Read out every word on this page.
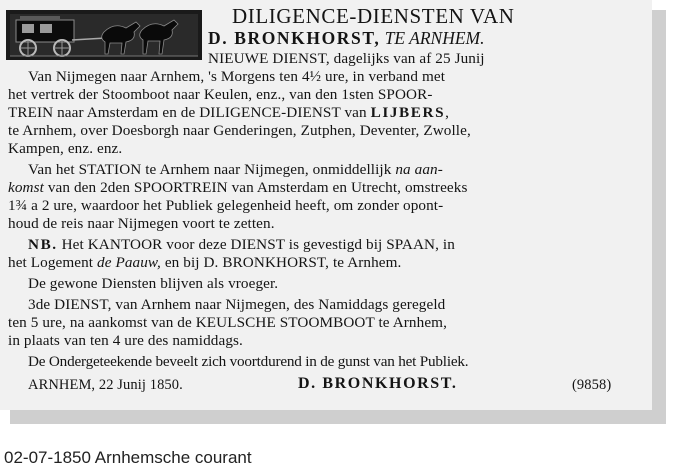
DILIGENCE-DIENSTEN VAN
D. BRONKHORST, TE ARNHEM.
NIEUWE DIENST, dagelijks van af 25 Junij
Van Nijmegen naar Arnhem, 's Morgens ten 4½ ure, in verband met
het vertrek der Stoomboot naar Keulen, enz., van den 1sten SPOOR-
TREIN naar Amsterdam en de DILIGENCE-DIENST van LIJBERS,
te Arnhem, over Doesborgh naar Genderingen, Zutphen, Deventer, Zwolle,
Kampen, enz. enz.
Van het STATION te Arnhem naar Nijmegen, onmiddellijk na aan-
komst van den 2den SPOORTREIN van Amsterdam en Utrecht, omstreeks
1¾ a 2 ure, waardoor het Publiek gelegenheid heeft, om zonder opont-
houd de reis naar Nijmegen voort te zetten.
NB. Het KANTOOR voor deze DIENST is gevestigd bij SPAAN, in
het Logement de Paauw, en bij D. BRONKHORST, te Arnhem.
De gewone Diensten blijven als vroeger.
3de DIENST, van Arnhem naar Nijmegen, des Namiddags geregeld
ten 5 ure, na aankomst van de KEULSCHE STOOMBOOT te Arnhem,
in plaats van ten 4 ure des namiddags.
De Ondergeteekende beveelt zich voortdurend in de gunst van het Publiek.
ARNHEM, 22 Junij 1850.	D. BRONKHORST.	(9858)
02-07-1850 Arnhemsche courant
